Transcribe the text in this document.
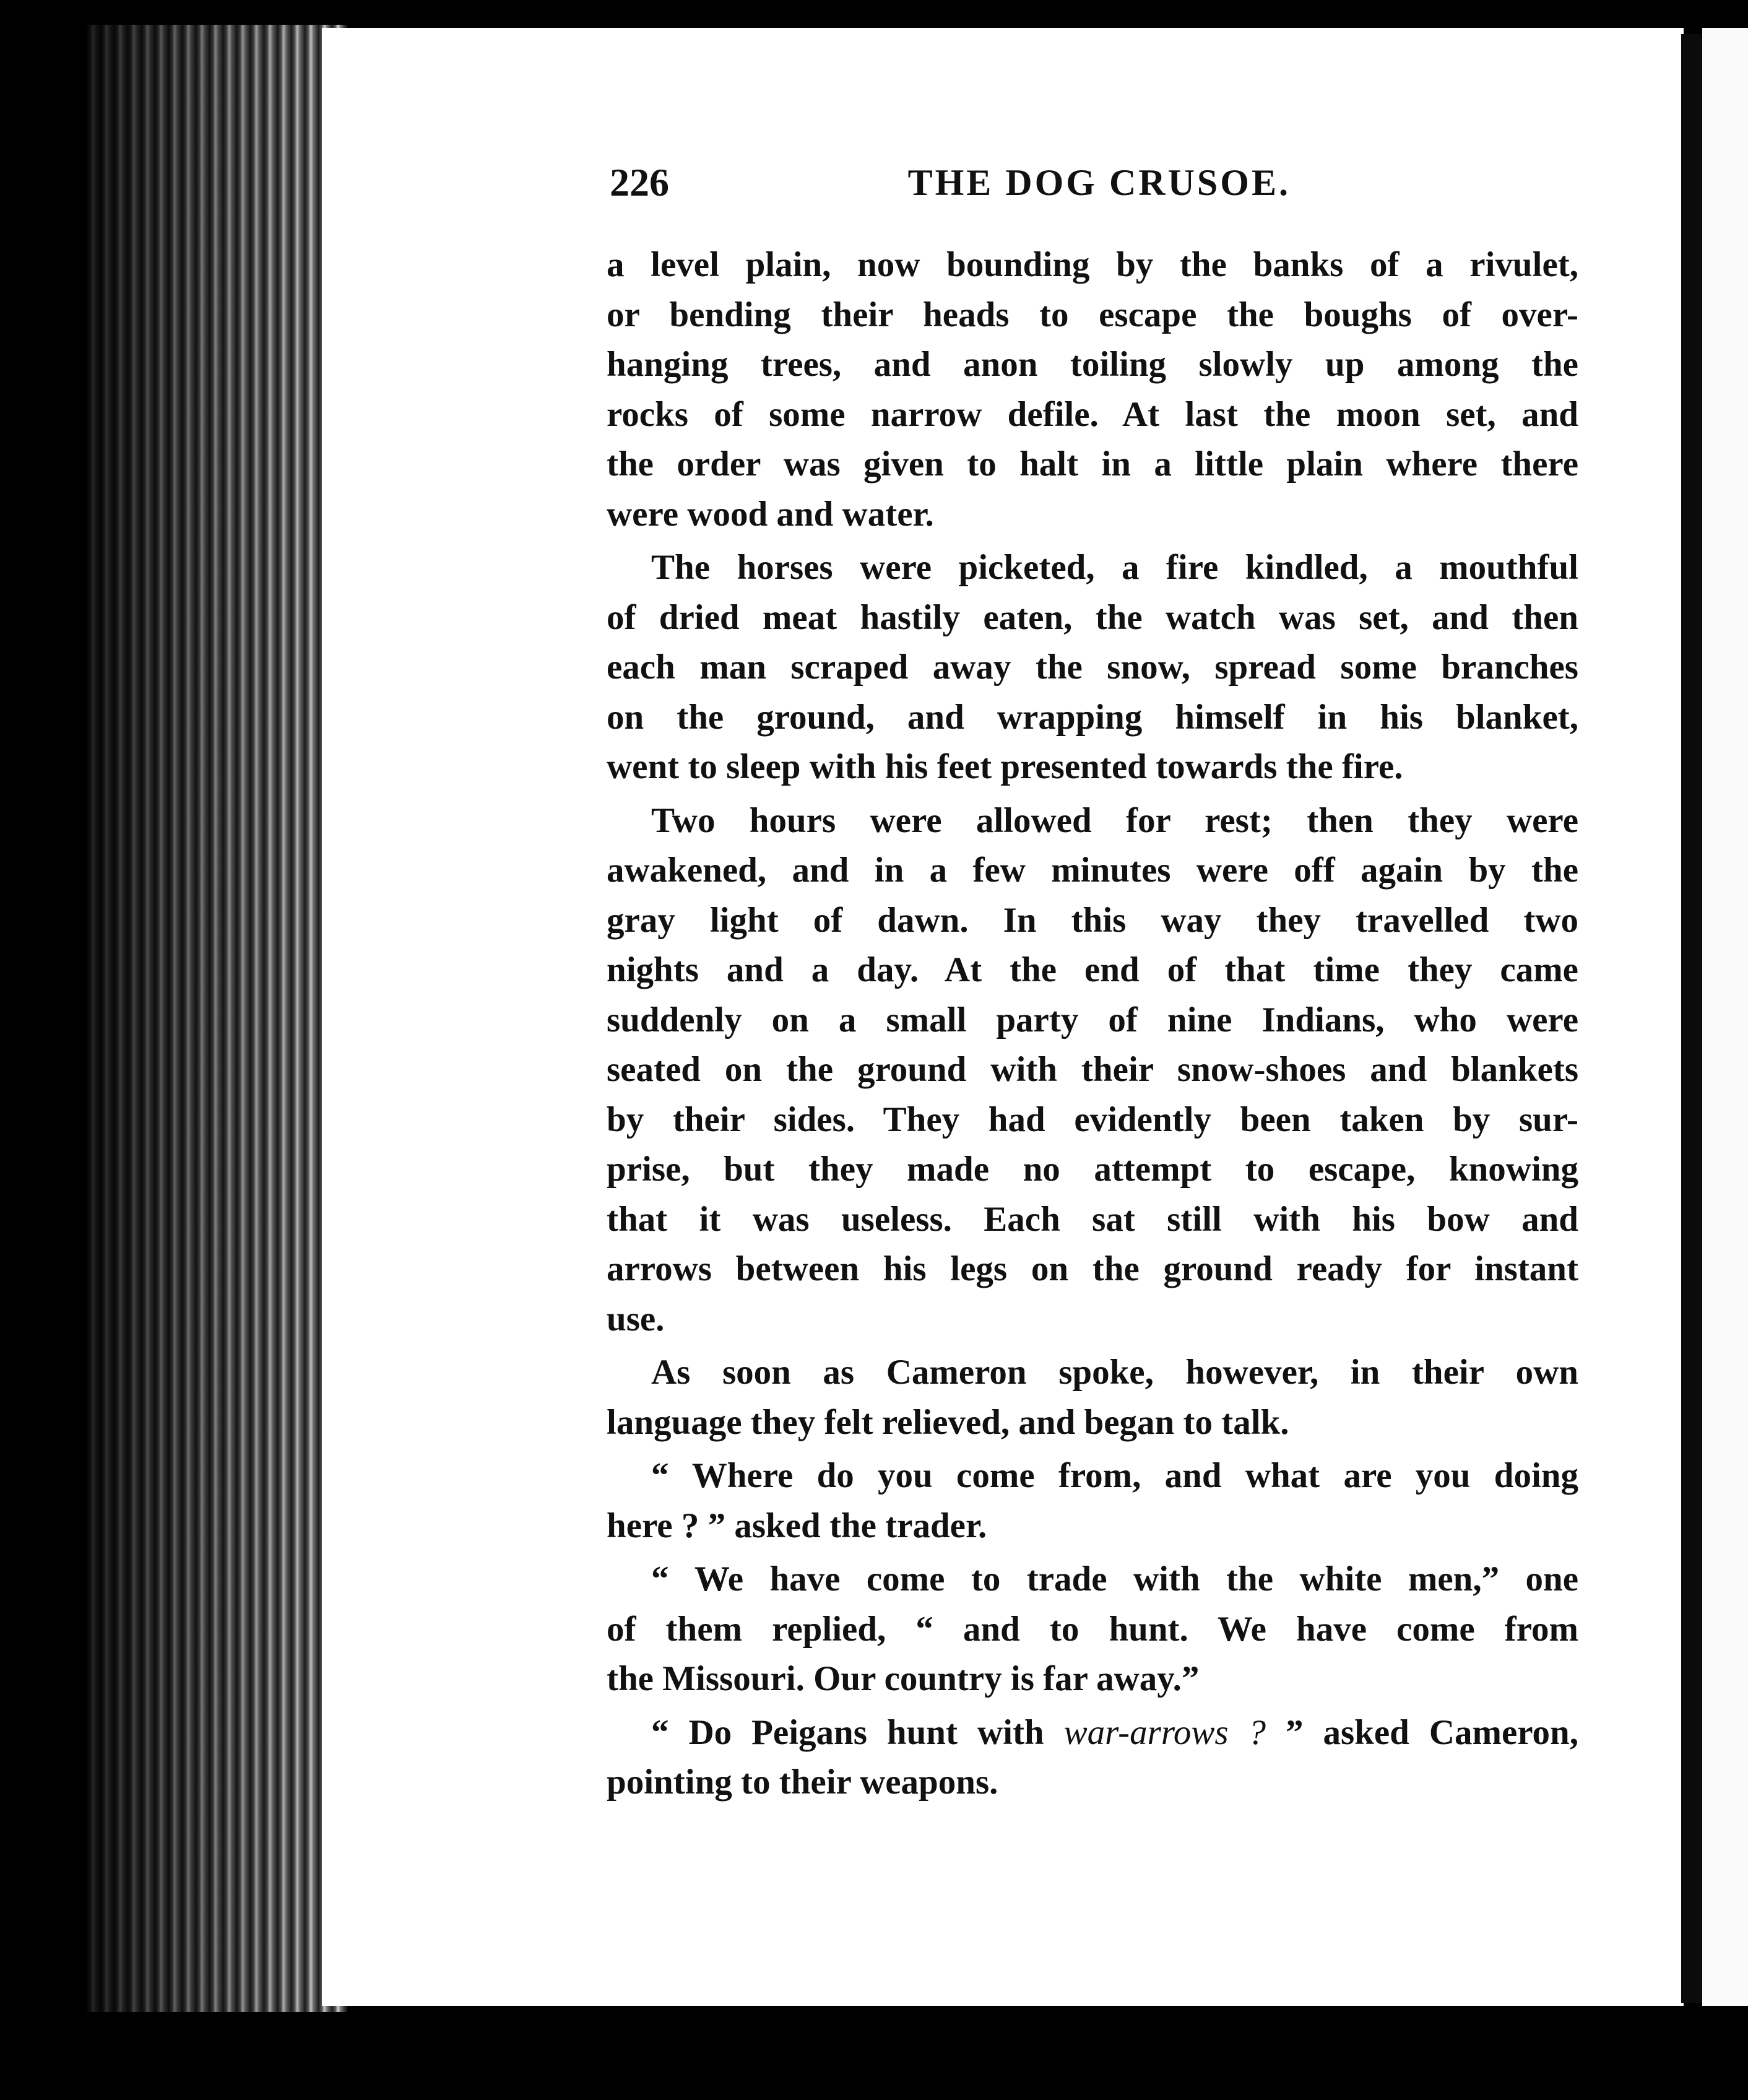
226	THE DOG CRUSOE.

a level plain, now bounding by the banks of a rivulet,
or bending their heads to escape the boughs of over-
hanging trees, and anon toiling slowly up among the
rocks of some narrow defile. At last the moon set, and
the order was given to halt in a little plain where there
were wood and water.

The horses were picketed, a fire kindled, a mouthful
of dried meat hastily eaten, the watch was set, and then
each man scraped away the snow, spread some branches
on the ground, and wrapping himself in his blanket,
went to sleep with his feet presented towards the fire.

Two hours were allowed for rest; then they were
awakened, and in a few minutes were off again by the
gray light of dawn. In this way they travelled two
nights and a day. At the end of that time they came
suddenly on a small party of nine Indians, who were
seated on the ground with their snow-shoes and blankets
by their sides. They had evidently been taken by sur-
prise, but they made no attempt to escape, knowing
that it was useless. Each sat still with his bow and
arrows between his legs on the ground ready for instant
use.

As soon as Cameron spoke, however, in their own
language they felt relieved, and began to talk.

“ Where do you come from, and what are you doing
here ? ” asked the trader.

“ We have come to trade with the white men,” one
of them replied, “ and to hunt. We have come from
the Missouri. Our country is far away.”

“ Do Peigans hunt with war-arrows ? ” asked Cameron,
pointing to their weapons.
